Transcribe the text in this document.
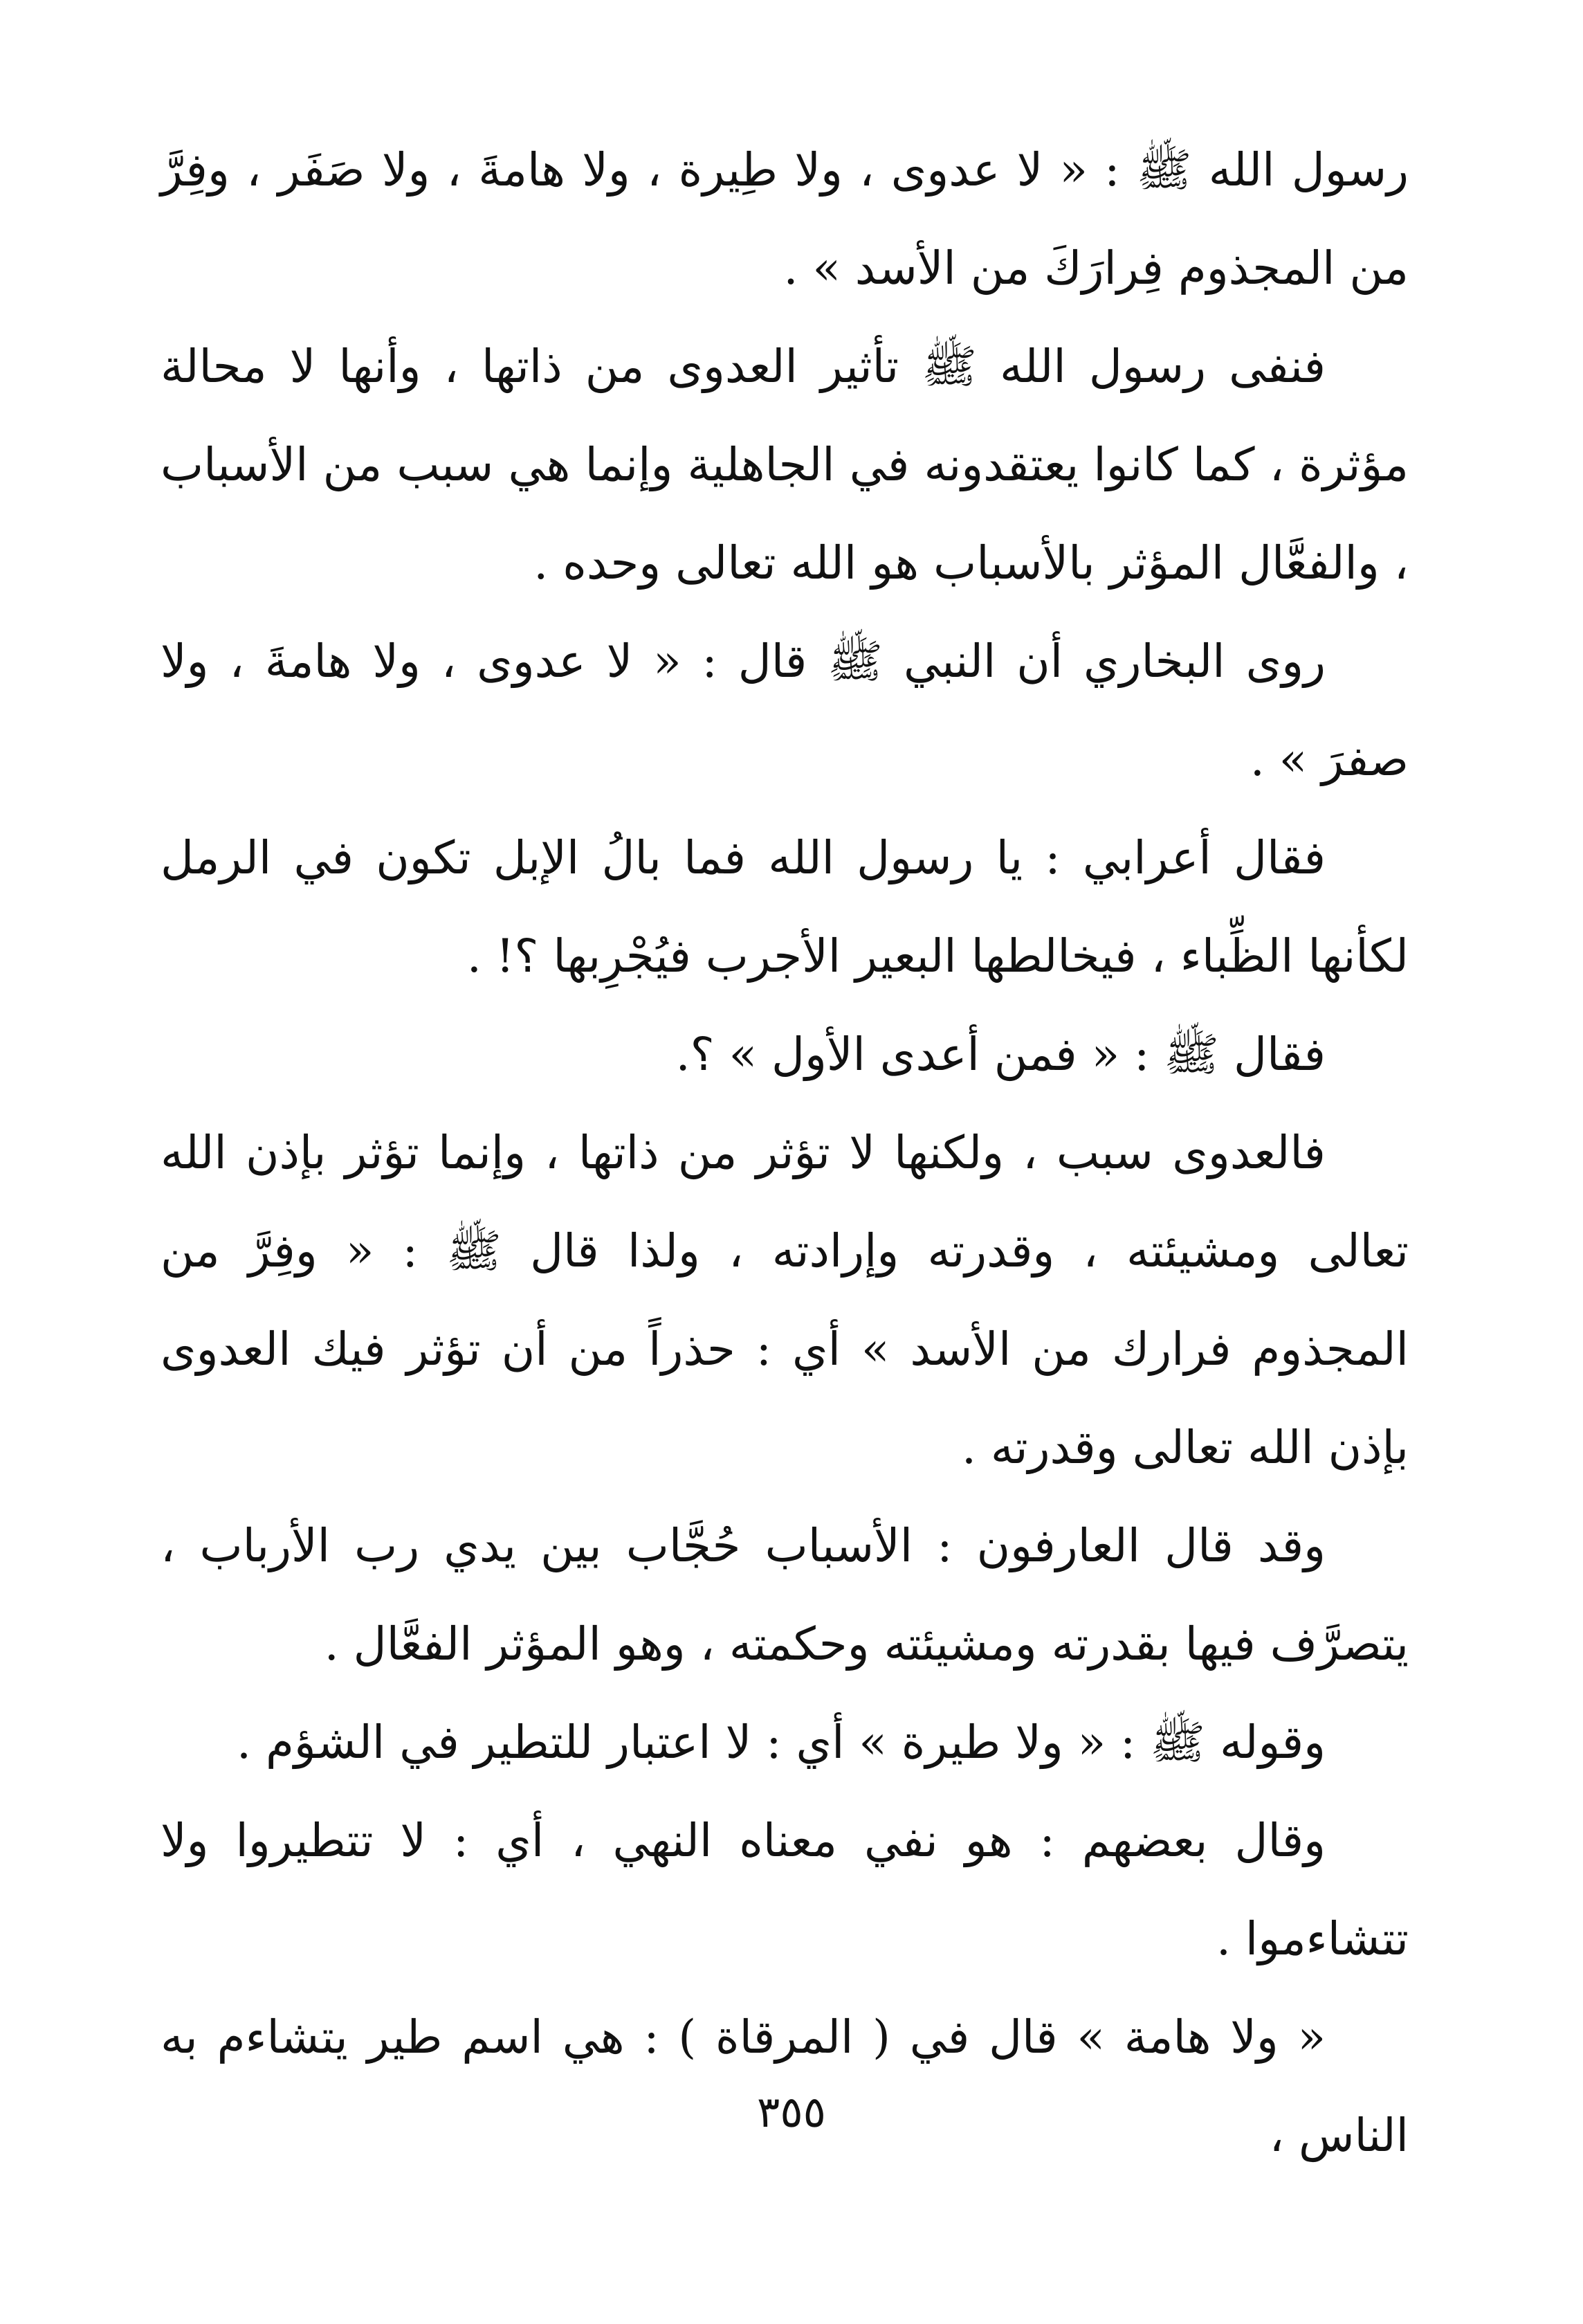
رسول الله ﷺ : « لا عدوى ، ولا طِيرة ، ولا هامةَ ، ولا صَفَر ، وفِرَّ من المجذوم فِرارَكَ من الأسد » .

فنفى رسول الله ﷺ تأثير العدوى من ذاتها ، وأنها لا محالة مؤثرة ، كما كانوا يعتقدونه في الجاهلية وإنما هي سبب من الأسباب ، والفعَّال المؤثر بالأسباب هو الله تعالى وحده .

روى البخاري أن النبي ﷺ قال : « لا عدوى ، ولا هامةَ ، ولا صفرَ » .

فقال أعرابي : يا رسول الله فما بالُ الإبل تكون في الرمل لكأنها الظِّباء ، فيخالطها البعير الأجرب فيُجْرِبها ؟! .

فقال ﷺ : « فمن أعدى الأول » ؟.

فالعدوى سبب ، ولكنها لا تؤثر من ذاتها ، وإنما تؤثر بإذن الله تعالى ومشيئته ، وقدرته وإرادته ، ولذا قال ﷺ : « وفِرَّ من المجذوم فرارك من الأسد » أي : حذراً من أن تؤثر فيك العدوى بإذن الله تعالى وقدرته .

وقد قال العارفون : الأسباب حُجَّاب بين يدي رب الأرباب ، يتصرَّف فيها بقدرته ومشيئته وحكمته ، وهو المؤثر الفعَّال .

وقوله ﷺ : « ولا طيرة » أي : لا اعتبار للتطير في الشؤم .

وقال بعضهم : هو نفي معناه النهي ، أي : لا تتطيروا ولا تتشاءموا .

« ولا هامة » قال في ( المرقاة ) : هي اسم طير يتشاءم به الناس ،

٣٥٥
